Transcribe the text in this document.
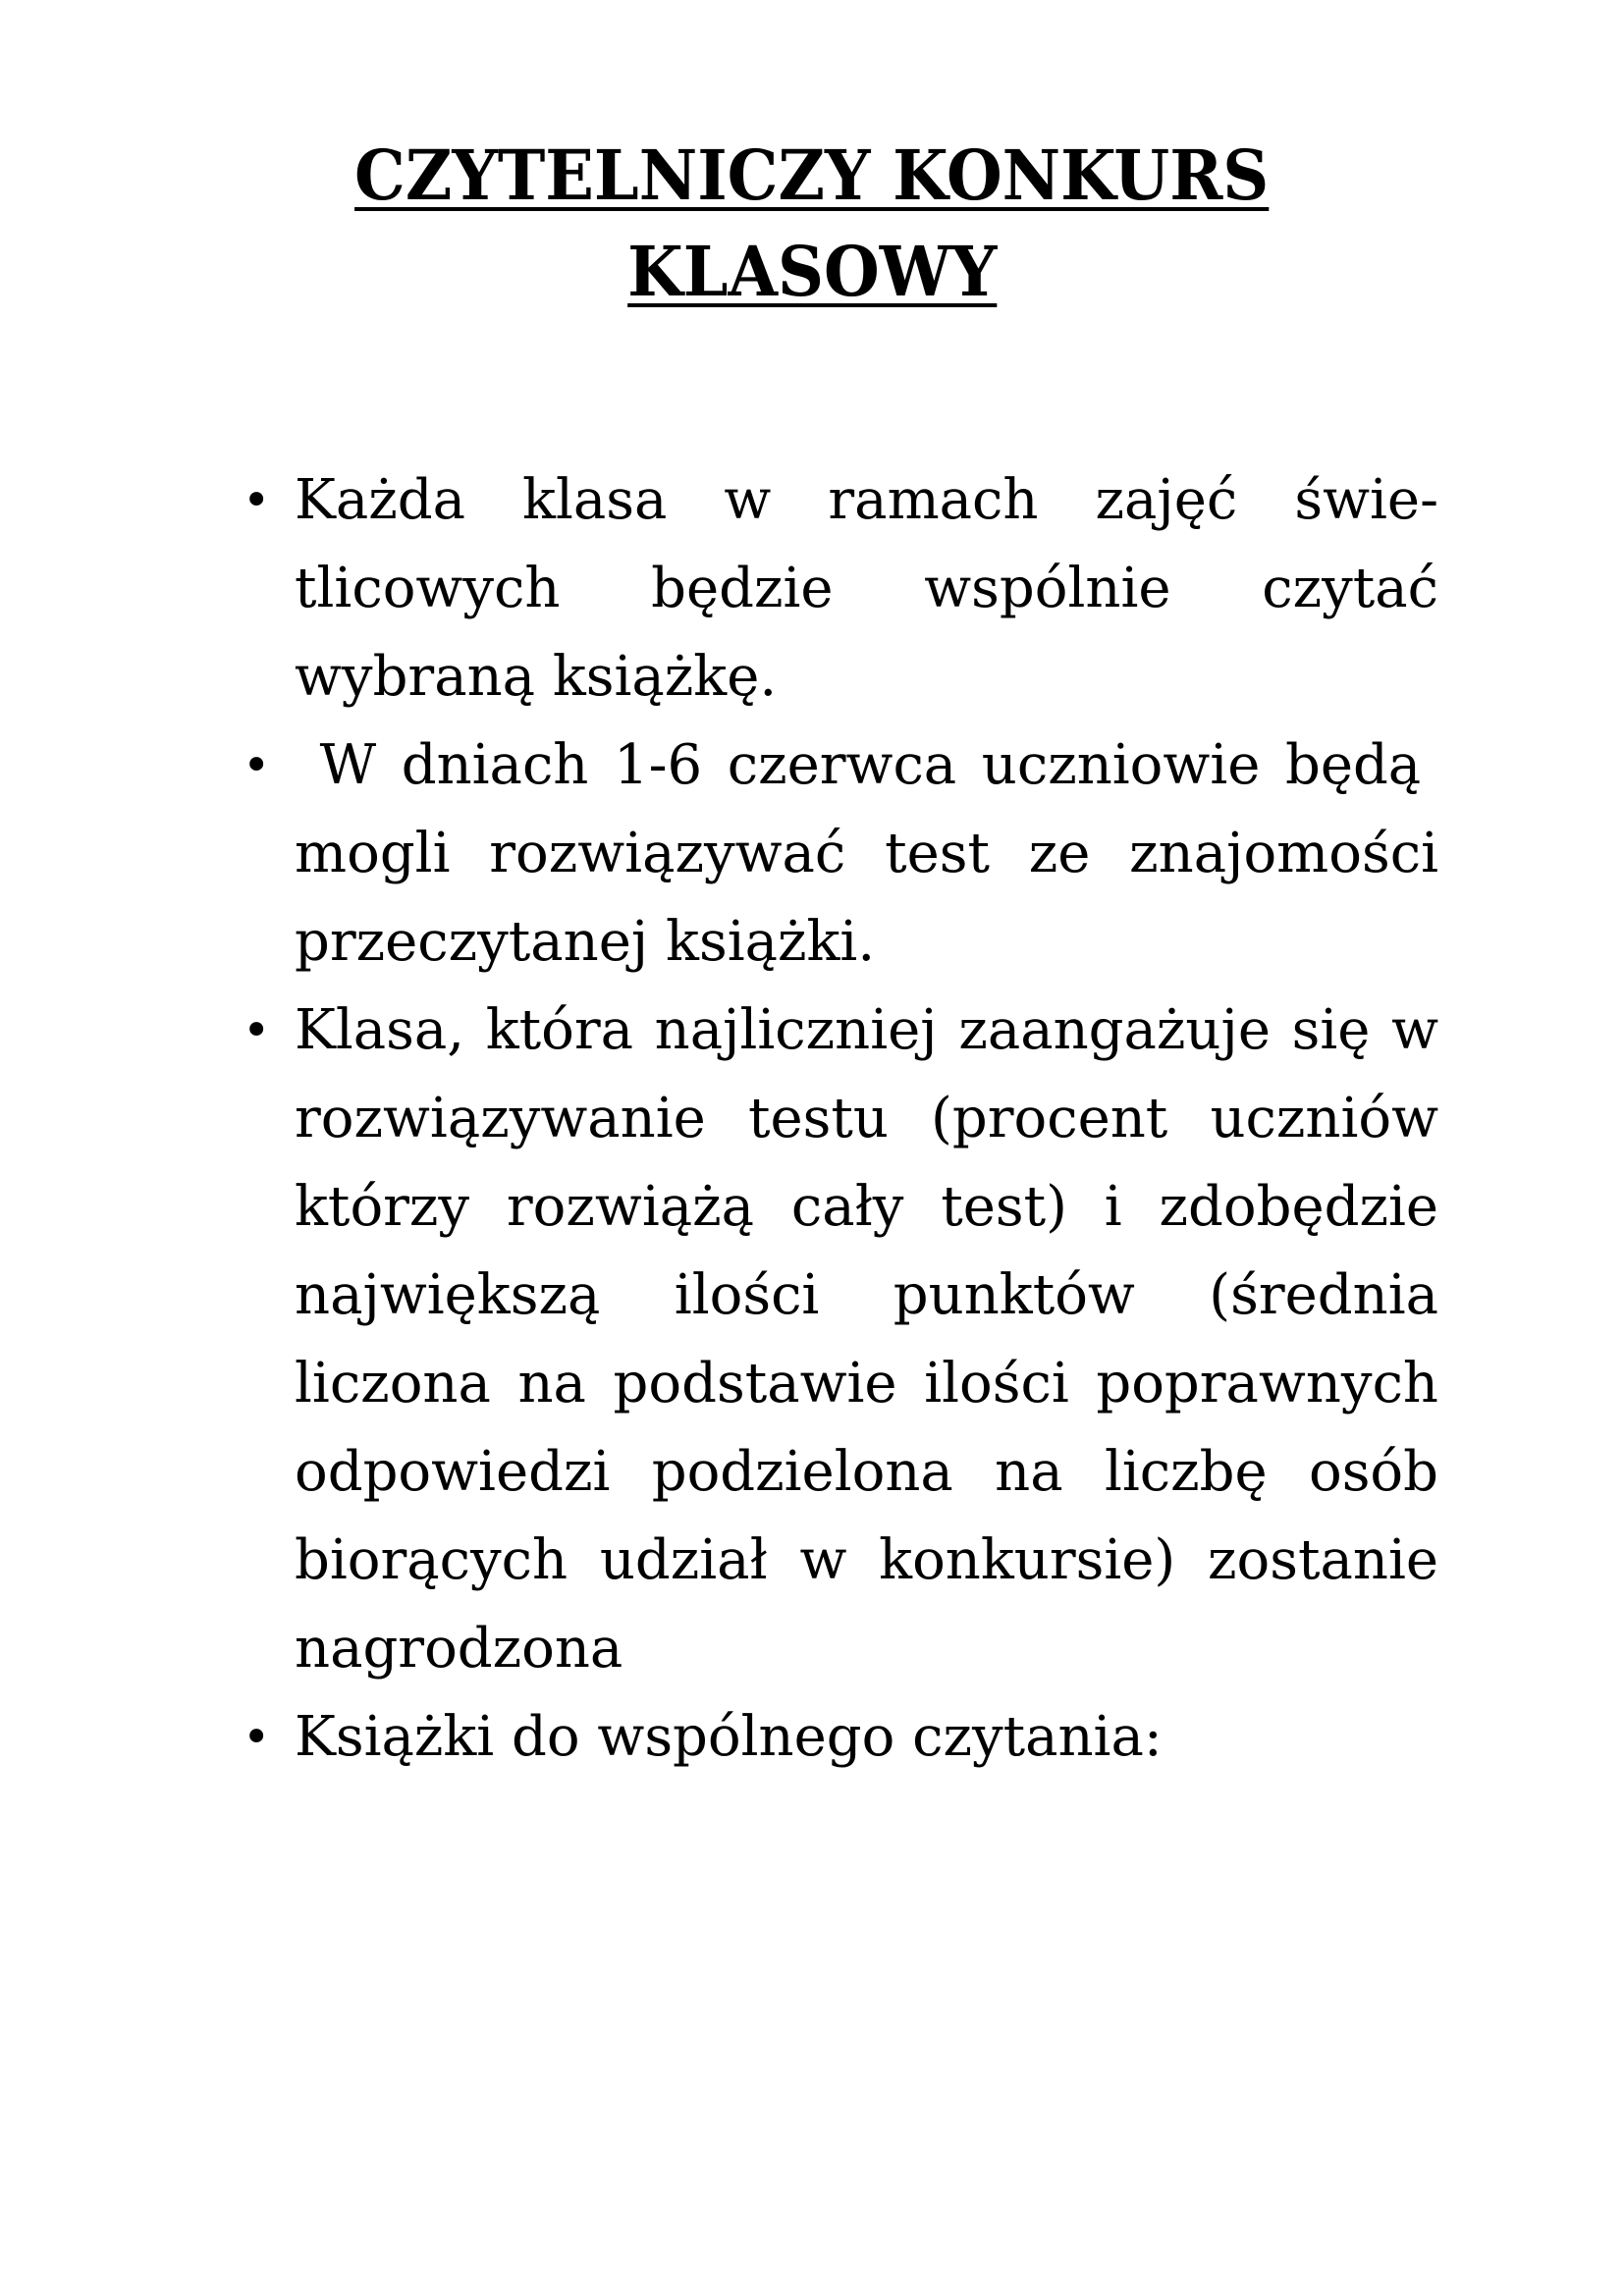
CZYTELNICZY KONKURS
KLASOWY
• Każda klasa w ramach zajęć świetlicowych będzie wspólnie czytać wybraną książkę.
•  W dniach 1-6 czerwca uczniowie będą  mogli rozwiązywać test ze znajomości przeczytanej książki.
• Klasa, która najliczniej zaangażuje się w rozwiązywanie testu (procent uczniów którzy rozwiążą cały test) i zdobędzie największą ilości punktów (średnia liczona na podstawie ilości poprawnych odpowiedzi podzielona na liczbę osób biorących udział w konkursie) zostanie nagrodzona
• Książki do wspólnego czytania:
